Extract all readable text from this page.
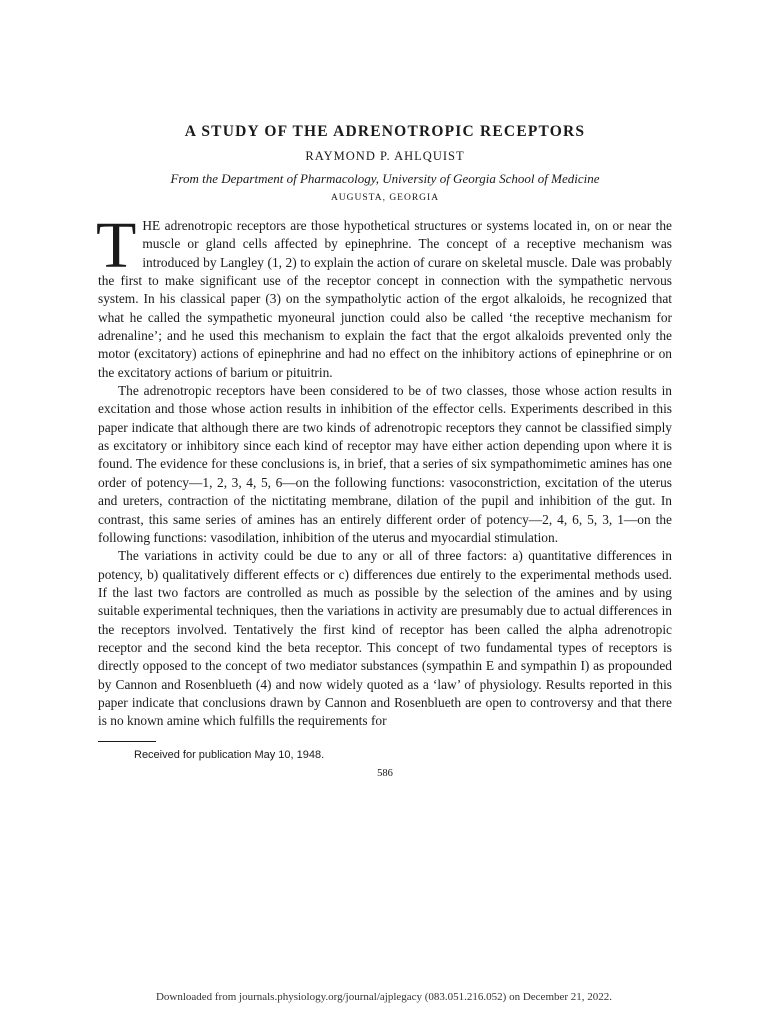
A STUDY OF THE ADRENOTROPIC RECEPTORS
RAYMOND P. AHLQUIST
From the Department of Pharmacology, University of Georgia School of Medicine
AUGUSTA, GEORGIA

THE adrenotropic receptors are those hypothetical structures or systems located in, on or near the muscle or gland cells affected by epinephrine. The concept of a receptive mechanism was introduced by Langley (1, 2) to explain the action of curare on skeletal muscle. Dale was probably the first to make significant use of the receptor concept in connection with the sympathetic nervous system. In his classical paper (3) on the sympatholytic action of the ergot alkaloids, he recognized that what he called the sympathetic myoneural junction could also be called ‘the receptive mechanism for adrenaline’; and he used this mechanism to explain the fact that the ergot alkaloids prevented only the motor (excitatory) actions of epinephrine and had no effect on the inhibitory actions of epinephrine or on the excitatory actions of barium or pituitrin.

The adrenotropic receptors have been considered to be of two classes, those whose action results in excitation and those whose action results in inhibition of the effector cells. Experiments described in this paper indicate that although there are two kinds of adrenotropic receptors they cannot be classified simply as excitatory or inhibitory since each kind of receptor may have either action depending upon where it is found. The evidence for these conclusions is, in brief, that a series of six sympathomimetic amines has one order of potency—1, 2, 3, 4, 5, 6—on the following functions: vasoconstriction, excitation of the uterus and ureters, contraction of the nictitating membrane, dilation of the pupil and inhibition of the gut. In contrast, this same series of amines has an entirely different order of potency—2, 4, 6, 5, 3, 1—on the following functions: vasodilation, inhibition of the uterus and myocardial stimulation.

The variations in activity could be due to any or all of three factors: a) quantitative differences in potency, b) qualitatively different effects or c) differences due entirely to the experimental methods used. If the last two factors are controlled as much as possible by the selection of the amines and by using suitable experimental techniques, then the variations in activity are presumably due to actual differences in the receptors involved. Tentatively the first kind of receptor has been called the alpha adrenotropic receptor and the second kind the beta receptor. This concept of two fundamental types of receptors is directly opposed to the concept of two mediator substances (sympathin E and sympathin I) as propounded by Cannon and Rosenblueth (4) and now widely quoted as a ‘law’ of physiology. Results reported in this paper indicate that conclusions drawn by Cannon and Rosenblueth are open to controversy and that there is no known amine which fulfills the requirements for

Received for publication May 10, 1948.
586
Downloaded from journals.physiology.org/journal/ajplegacy (083.051.216.052) on December 21, 2022.
